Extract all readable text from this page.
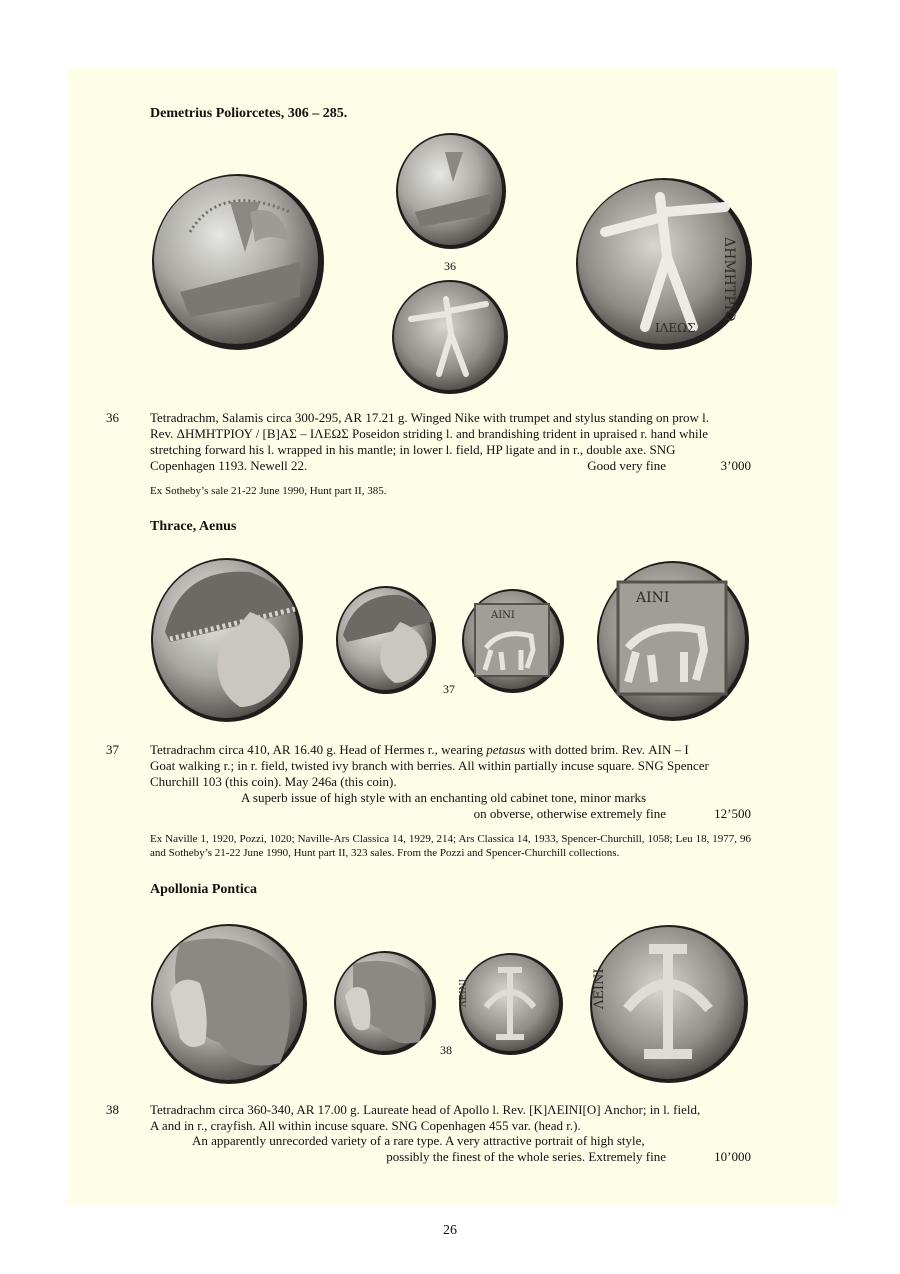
Demetrius Poliorcetes, 306 – 285.
36	ΔΗΜΗΤΡΙΟ
ΙΛΕΩΣ
36 Tetradrachm, Salamis circa 300-295, AR 17.21 g. Winged Nike with trumpet and stylus standing on prow l.
Rev. ΔΗΜΗΤΡΙΟΥ / [Β]ΑΣ – ΙΛΕΩΣ Poseidon striding l. and brandishing trident in upraised r. hand while
stretching forward his l. wrapped in his mantle; in lower l. field, HP ligate and in r., double axe. SNG
Copenhagen 1193. Newell 22.	Good very fine	3’000
Ex Sotheby’s sale 21-22 June 1990, Hunt part II, 385.
Thrace, Aenus
37
ΑΙΝΙ
ΑΙΝΙ
37 Tetradrachm circa 410, AR 16.40 g. Head of Hermes r., wearing petasus with dotted brim. Rev. ΑΙΝ – Ι
Goat walking r.; in r. field, twisted ivy branch with berries. All within partially incuse square. SNG Spencer
Churchill 103 (this coin). May 246a (this coin).
A superb issue of high style with an enchanting old cabinet tone, minor marks
on obverse, otherwise extremely fine	12’500
Ex Naville 1, 1920, Pozzi, 1020; Naville-Ars Classica 14, 1929, 214; Ars Classica 14, 1933, Spencer-Churchill, 1058; Leu 18, 1977, 96 and Sotheby’s 21-22 June 1990, Hunt part II, 323 sales. From the Pozzi and Spencer-Churchill collections.
Apollonia Pontica
38
ΛΕΙΝΙ	ΛΕΙΝΙ
38 Tetradrachm circa 360-340, AR 17.00 g. Laureate head of Apollo l. Rev. [Κ]ΛΕΙΝΙ[Ο] Anchor; in l. field,
A and in r., crayfish. All within incuse square. SNG Copenhagen 455 var. (head r.).
An apparently unrecorded variety of a rare type. A very attractive portrait of high style,
possibly the finest of the whole series. Extremely fine	10’000
26
